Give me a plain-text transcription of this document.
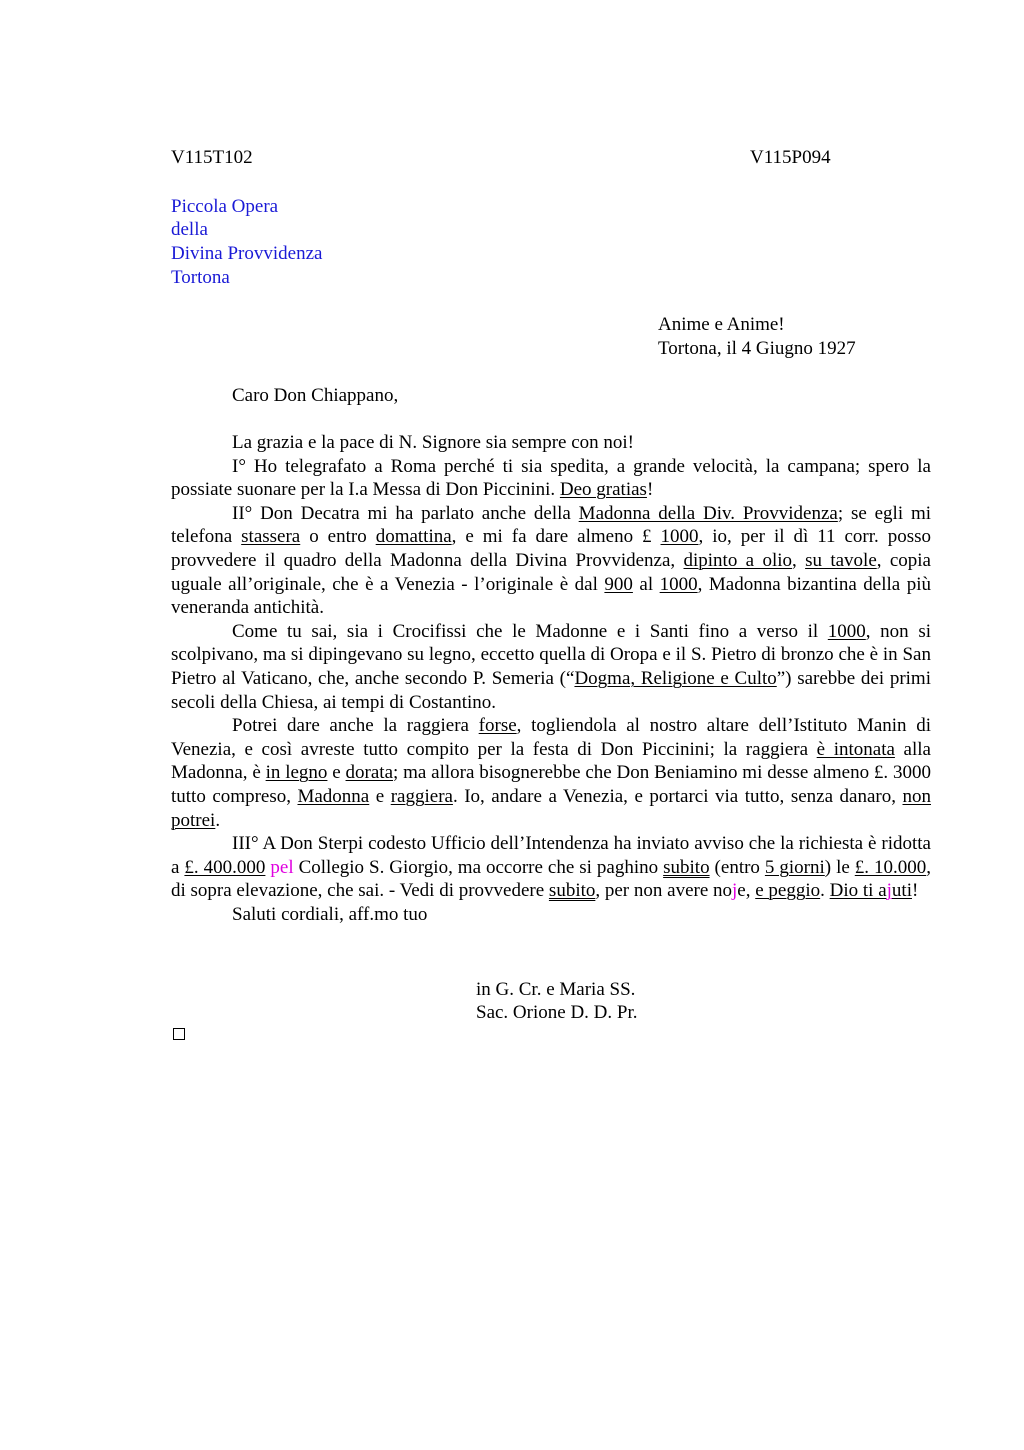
V115T102	V115P094
Piccola Opera
della
Divina Provvidenza
Tortona
Anime e Anime!
Tortona, il 4 Giugno 1927
Caro Don Chiappano,

La grazia e la pace di N. Signore sia sempre con noi!

I° Ho telegrafato a Roma perché ti sia spedita, a grande velocità, la campana; spero la possiate suonare per la I.a Messa di Don Piccinini. Deo gratias!

II° Don Decatra mi ha parlato anche della Madonna della Div. Provvidenza; se egli mi telefona stassera o entro domattina, e mi fa dare almeno £ 1000, io, per il dì 11 corr. posso provvedere il quadro della Madonna della Divina Provvidenza, dipinto a olio, su tavole, copia uguale all’originale, che è a Venezia - l’originale è dal 900 al 1000, Madonna bizantina della più veneranda antichità.

Come tu sai, sia i Crocifissi che le Madonne e i Santi fino a verso il 1000, non si scolpivano, ma si dipingevano su legno, eccetto quella di Oropa e il S. Pietro di bronzo che è in San Pietro al Vaticano, che, anche secondo P. Semeria (“Dogma, Religione e Culto”) sarebbe dei primi secoli della Chiesa, ai tempi di Costantino.

Potrei dare anche la raggiera forse, togliendola al nostro altare dell’Istituto Manin di Venezia, e così avreste tutto compito per la festa di Don Piccinini; la raggiera è intonata alla Madonna, è in legno e dorata; ma allora bisognerebbe che Don Beniamino mi desse almeno £. 3000 tutto compreso, Madonna e raggiera. Io, andare a Venezia, e portarci via tutto, senza danaro, non potrei.

III° A Don Sterpi codesto Ufficio dell’Intendenza ha inviato avviso che la richiesta è ridotta a £. 400.000 pel Collegio S. Giorgio, ma occorre che si paghino subito (entro 5 giorni) le £. 10.000, di sopra elevazione, che sai. - Vedi di provvedere subito, per non avere noje, e peggio. Dio ti ajuti!

Saluti cordiali, aff.mo tuo

in G. Cr. e Maria SS.
Sac. Orione D. D. Pr.
